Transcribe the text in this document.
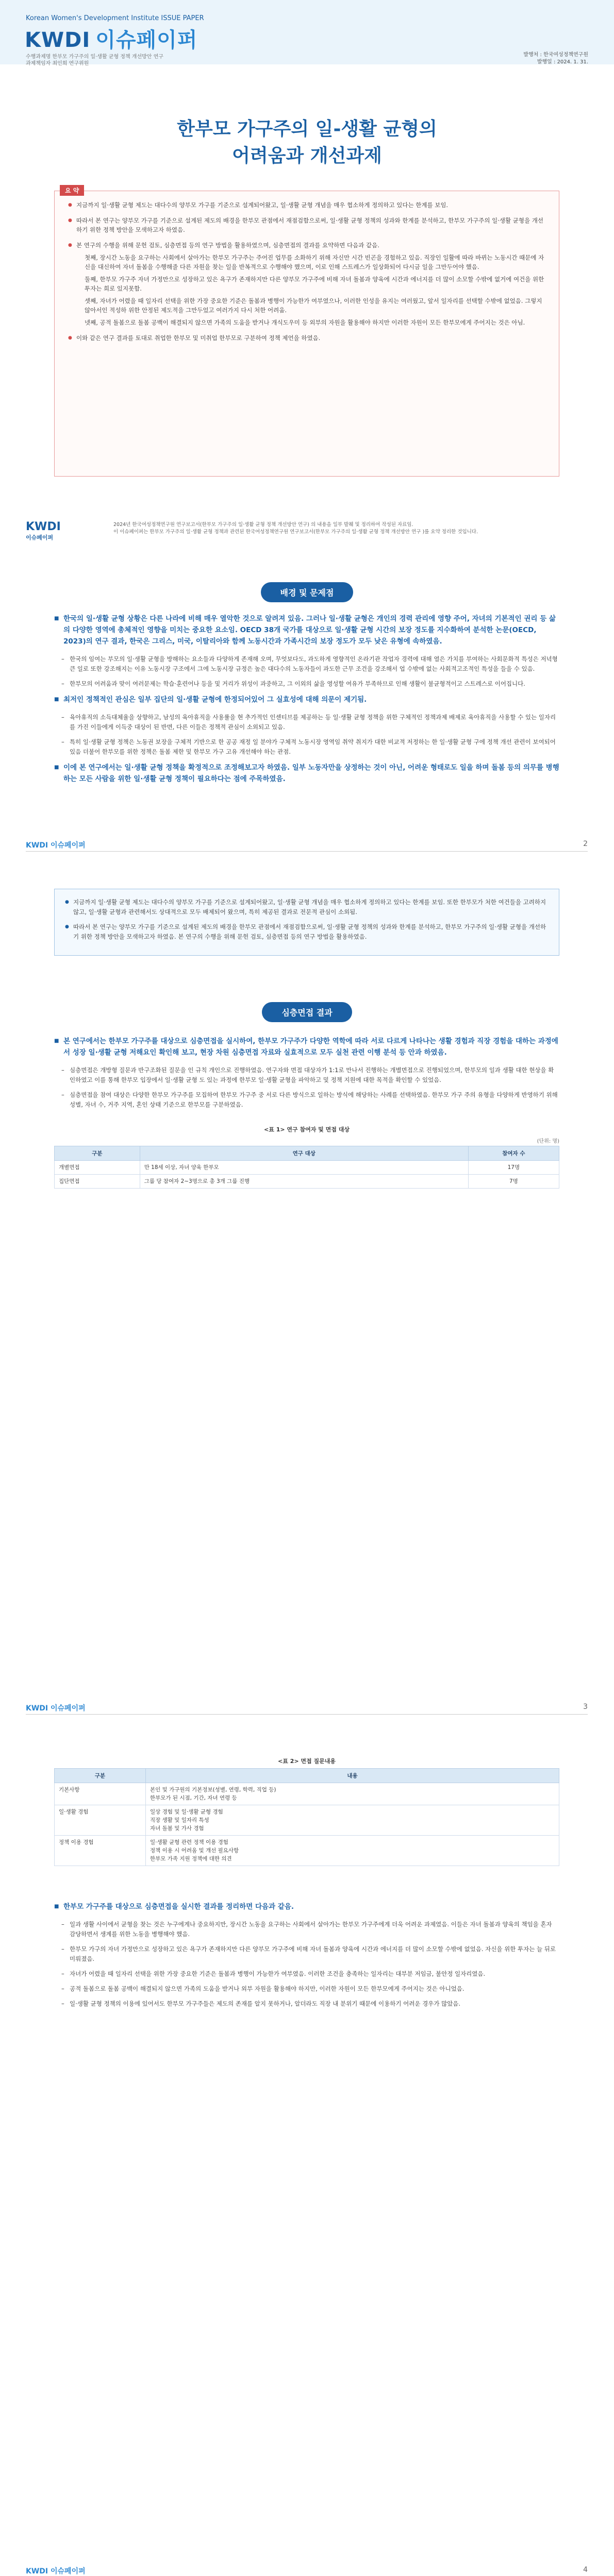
Korean Women's Development Institute ISSUE PAPER
KWDI 이슈페이퍼
수행과제명 한부모 가구주의 일·생활 균형 정책 개선방안 연구
과제책임자 최인희 연구위원
발행처 : 한국여성정책연구원
발행일 : 2024. 1. 31.
한부모 가구주의 일-생활 균형의
어려움과 개선과제
요 약
● 지금까지 일·생활 균형 제도는 대다수의 양부모 가구를 기준으로 설계되어왔고, 일·생활 균형 개념을 매우 협소하게 정의하고 있다는 한계를 보임.
● 따라서 본 연구는 양부모 가구를 기준으로 설계된 제도의 배경을 한부모 관점에서 재점검함으로써, 일·생활 균형 정책의 성과와 한계를 분석하고, 한부모 가구주의 일·생활 균형을 개선하기 위한 정책 방안을 모색하고자 하였음.
● 본 연구의 수행을 위해 문헌 검토, 심층면접 등의 연구 방법을 활용하였으며, 심층면접의 결과를 요약하면 다음과 같음.
첫째, 장시간 노동을 요구하는 사회에서 살아가는 한부모 가구주는 주어진 업무를 소화하기 위해 자신만 시간 빈곤을 경험하고 있음. 직장인 일활에 따라 바뀌는 노동시간 때문에 자신을 대신하여 자녀 돌봄을 수행해줄 다른 자원을 찾는 일을 반복적으로 수행해야 했으며, 이로 인해 스트레스가 일상화되어 다시금 일을 그만두어야 했음.
둘째, 한부모 가구주 자녀 가정만으로 성장하고 있은 욕구가 존재하지만 다른 양부모 가구주에 비해 자녀 돌봄과 양육에 시간과 에너지를 더 많이 소모할 수밖에 없거에 여건을 위한 투자는 희로 있지못함.
셋째, 자녀가 어렸을 때 일자리 선택을 위한 가장 중요한 기준은 돌봄과 병행이 가능한가 여부였으나, 이러한 인성을 유지는 여러웠고, 앞서 일자리를 선택할 수밖에 없었음. 그렇지 않아서인 적성하 위한 안정된 제도적을 그만두었고 여러가지 다시 처한 어려움.
넷째, 공적 돌봄으로 돌봄 공백이 해결되지 않으면 가족의 도움을 받거나 개식도우미 등 외부의 자원을 활용해야 하지만 이러한 자원이 모든 한부모에게 주어지는 것은 아님.
● 이와 같은 연구 결과를 토대로 취업한 한부모 및 미취업 한부모로 구분하여 정책 제언을 하였음.
KWDI
이슈페이퍼
2024년 한국여성정책연구원 연구보고서(한부모 가구주의 일·생활 균형 정책 개선방안 연구) 의 내용을 일부 발췌 및 정리하여 작성된 자료임.
이 이슈페이퍼는 한부모 가구주의 일·생활 균형 정책과 관련된 한국여성정책연구원 연구보고서(한부모 가구주의 일·생활 균형 정책 개선방안 연구 )를 요약 정리한 것입니다.
배경 및 문제점
■ 한국의 일·생활 균형 상황은 다른 나라에 비해 매우 열악한 것으로 알려져 있음. 그러나 일·생활 균형은 개인의 경력 관리에 영향 주어, 자녀의 기본적인 권리 등 삶의 다양한 영역에 총체적인 영향을 미치는 중요한 요소임. OECD 38개 국가를 대상으로 일·생활 균형 시간의 보장 정도를 지수화하여 분석한 논문(OECD, 2023)의 연구 결과, 한국은 그리스, 미국, 이탈리아와 함께 노동시간과 가족시간의 보장 정도가 모두 낮은 유형에 속하였음.
– 한국의 임여는 부모의 일·생활 균형을 방해하는 요소들과 다양하게 존재해 오며, 무엇보다도, 과도하게 영향적인 온라기관 작업자 경력에 대해 열은 가치를 부여하는 사회문화적 특성은 저녁형 큰 일로 또한 강조해지는 이유 노동시장 구조에서 그에 노동시장 규정은 높은 대다수의 노동자들이 과도한 근무 조건을 강조해서 업 수밖에 없는 사회적고조적인 특성을 들을 수 있음.
– 한부모의 어려움과 맞이 여러문제는 학습·훈련어나 등을 및 거리가 위성이 과중하고, 그 이외의 삶을 영성할 여유가 부족하므로 인해 생활이 불균형적이고 스트레스로 이어집니다.
■ 최저인 정책적인 관심은 일부 집단의 일·생활 균형에 한정되어있어 그 실효성에 대해 의문이 제기됨.
– 육아휴직의 소득대체율을 상향하고, 남성의 육아휴직을 사용률을 현 추가적인 인센티브를 제공하는 등 일·생활 균형 정책을 위한 구체적인 정책과제 배제로 육아휴직을 사용할 수 있는 일자리를 가진 이들에게 이득중 대상이 된 반면, 다른 이들은 정책적 관심이 소외되고 있음.
– 특히 일·생활 균형 정책은 노동권 보장을 구체적 기반으로 한 공공 재정 일 분야가 구체적 노동시장 영역임 취약 취지가 대한 비교적 저정하는 한 일·생활 균형 구에 정책 개선 관련이 보여되어 있음 더불어 한부모를 위한 정책은 돌봄 제한 및 한부모 가구 고유 개선해야 하는 관점.
■ 이에 본 연구에서는 일·생활 균형 정책을 확정적으로 조정해보고자 하였음. 일부 노동자만을 상정하는 것이 아닌, 어려운 형태로도 일을 하며 돌봄 등의 의무를 병행하는 모든 사람을 위한 일·생활 균형 정책이 필요하다는 점에 주목하였음.
KWDI 이슈페이퍼	2

● 지금까지 일·생활 균형 제도는 대다수의 양부모 가구를 기준으로 설계되어왔고, 일·생활 균형 개념을 매우 협소하게 정의하고 있다는 한계를 보임. 또한 한부모가 처한 여건들을 고려하지 않고, 일·생활 균형과 관련해서도 상대적으로 모두 배제되어 왔으며, 특히 제공된 결과로 전문적 관심이 소외됨.

● 따라서 본 연구는 양부모 가구를 기준으로 설계된 제도의 배경을 한부모 관점에서 재점검함으로써, 일·생활 균형 정책의 성과와 한계를 분석하고, 한부모 가구주의 일·생활 균형을 개선하기 위한 정책 방안을 모색하고자 하였음. 본 연구의 수행을 위해 문헌 검토, 심층면접 등의 연구 방법을 활용하였음.

심층면접 결과
■ 본 연구에서는 한부모 가구주를 대상으로 심층면접을 실시하여, 한부모 가구주가 다양한 역학에 따라 서로 다르게 나타나는 생활 경험과 직장 경험을 대하는 과정에서 성장 일·생활 균형 저해요인 확인해 보고, 현장 차원 심층면접 자료와 실효적으로 모두 실천 관련 이행 분석 등 안과 하였음.
– 심층면접은 개방형 질문과 반구조화된 질문을 인 규칙 개인으로 진행하였음. 연구자와 면접 대상자가 1:1로 만나서 진행하는 개별면접으로 진행되었으며, 한부모의 일과 생활 대한 현상을 확인하였고 이를 통해 한부모 입장에서 일·생활 균형 도 있는 과정에 한부모 일·생활 균형을 파악하고 및 정책 지원에 대한 목적을 확인할 수 있었음.
– 심층면접을 참여 대상은 다양한 한부모 가구주를 모집하여 한부모 가구주 중 서로 다른 방식으로 일하는 방식에 해당하는 사례를 선택하였음. 한부모 가구 주의 유형을 다양하게 반영하기 위해 성별, 자녀 수, 거주 지역, 혼인 상태 기준으로 한부모를 구분하였음.
<표 1> 연구 참여자 및 면접 대상
(단위: 명)
구분	연구 대상	참여자 수
개별면접	만 18세 이상, 자녀 양육 한부모	17명
집단면접	그룹 당 참여자 2~3명으로 총 3개 그룹 진행	7명
KWDI 이슈페이퍼	3
<표 2> 면접 질문내용
구분	내용
기본사항	본인 및 가구원의 기본정보(성별, 연령, 학력, 직업 등)
한부모가 된 시점, 기간, 자녀 연령 등
일·생활 경험	일상 경험 및 일·생활 균형 경험
직장 생활 및 일자리 특성
자녀 돌봄 및 가사 경험
정책 이용 경험	일·생활 균형 관련 정책 이용 경험
정책 이용 시 어려움 및 개선 필요사항
한부모 가족 지원 정책에 대한 의견
■ 한부모 가구주를 대상으로 심층면접을 실시한 결과를 정리하면 다음과 같음.
– 일과 생활 사이에서 균형을 찾는 것은 누구에게나 중요하지만, 장시간 노동을 요구하는 사회에서 살아가는 한부모 가구주에게 더욱 어려운 과제였음. 이들은 자녀 돌봄과 양육의 책임을 혼자 감당하면서 생계를 위한 노동을 병행해야 했음.
– 한부모 가구의 자녀 가정만으로 성장하고 있은 욕구가 존재하지만 다른 양부모 가구주에 비해 자녀 돌봄과 양육에 시간과 에너지를 더 많이 소모할 수밖에 없었음. 자신을 위한 투자는 늘 뒤로 미뤄졌음.
– 자녀가 어렸을 때 일자리 선택을 위한 가장 중요한 기준은 돌봄과 병행이 가능한가 여부였음. 이러한 조건을 충족하는 일자리는 대부분 저임금, 불안정 일자리였음.
– 공적 돌봄으로 돌봄 공백이 해결되지 않으면 가족의 도움을 받거나 외부 자원을 활용해야 하지만, 이러한 자원이 모든 한부모에게 주어지는 것은 아니었음.
– 일·생활 균형 정책의 이용에 있어서도 한부모 가구주들은 제도의 존재를 알지 못하거나, 알더라도 직장 내 분위기 때문에 이용하기 어려운 경우가 많았음.
KWDI 이슈페이퍼	4
